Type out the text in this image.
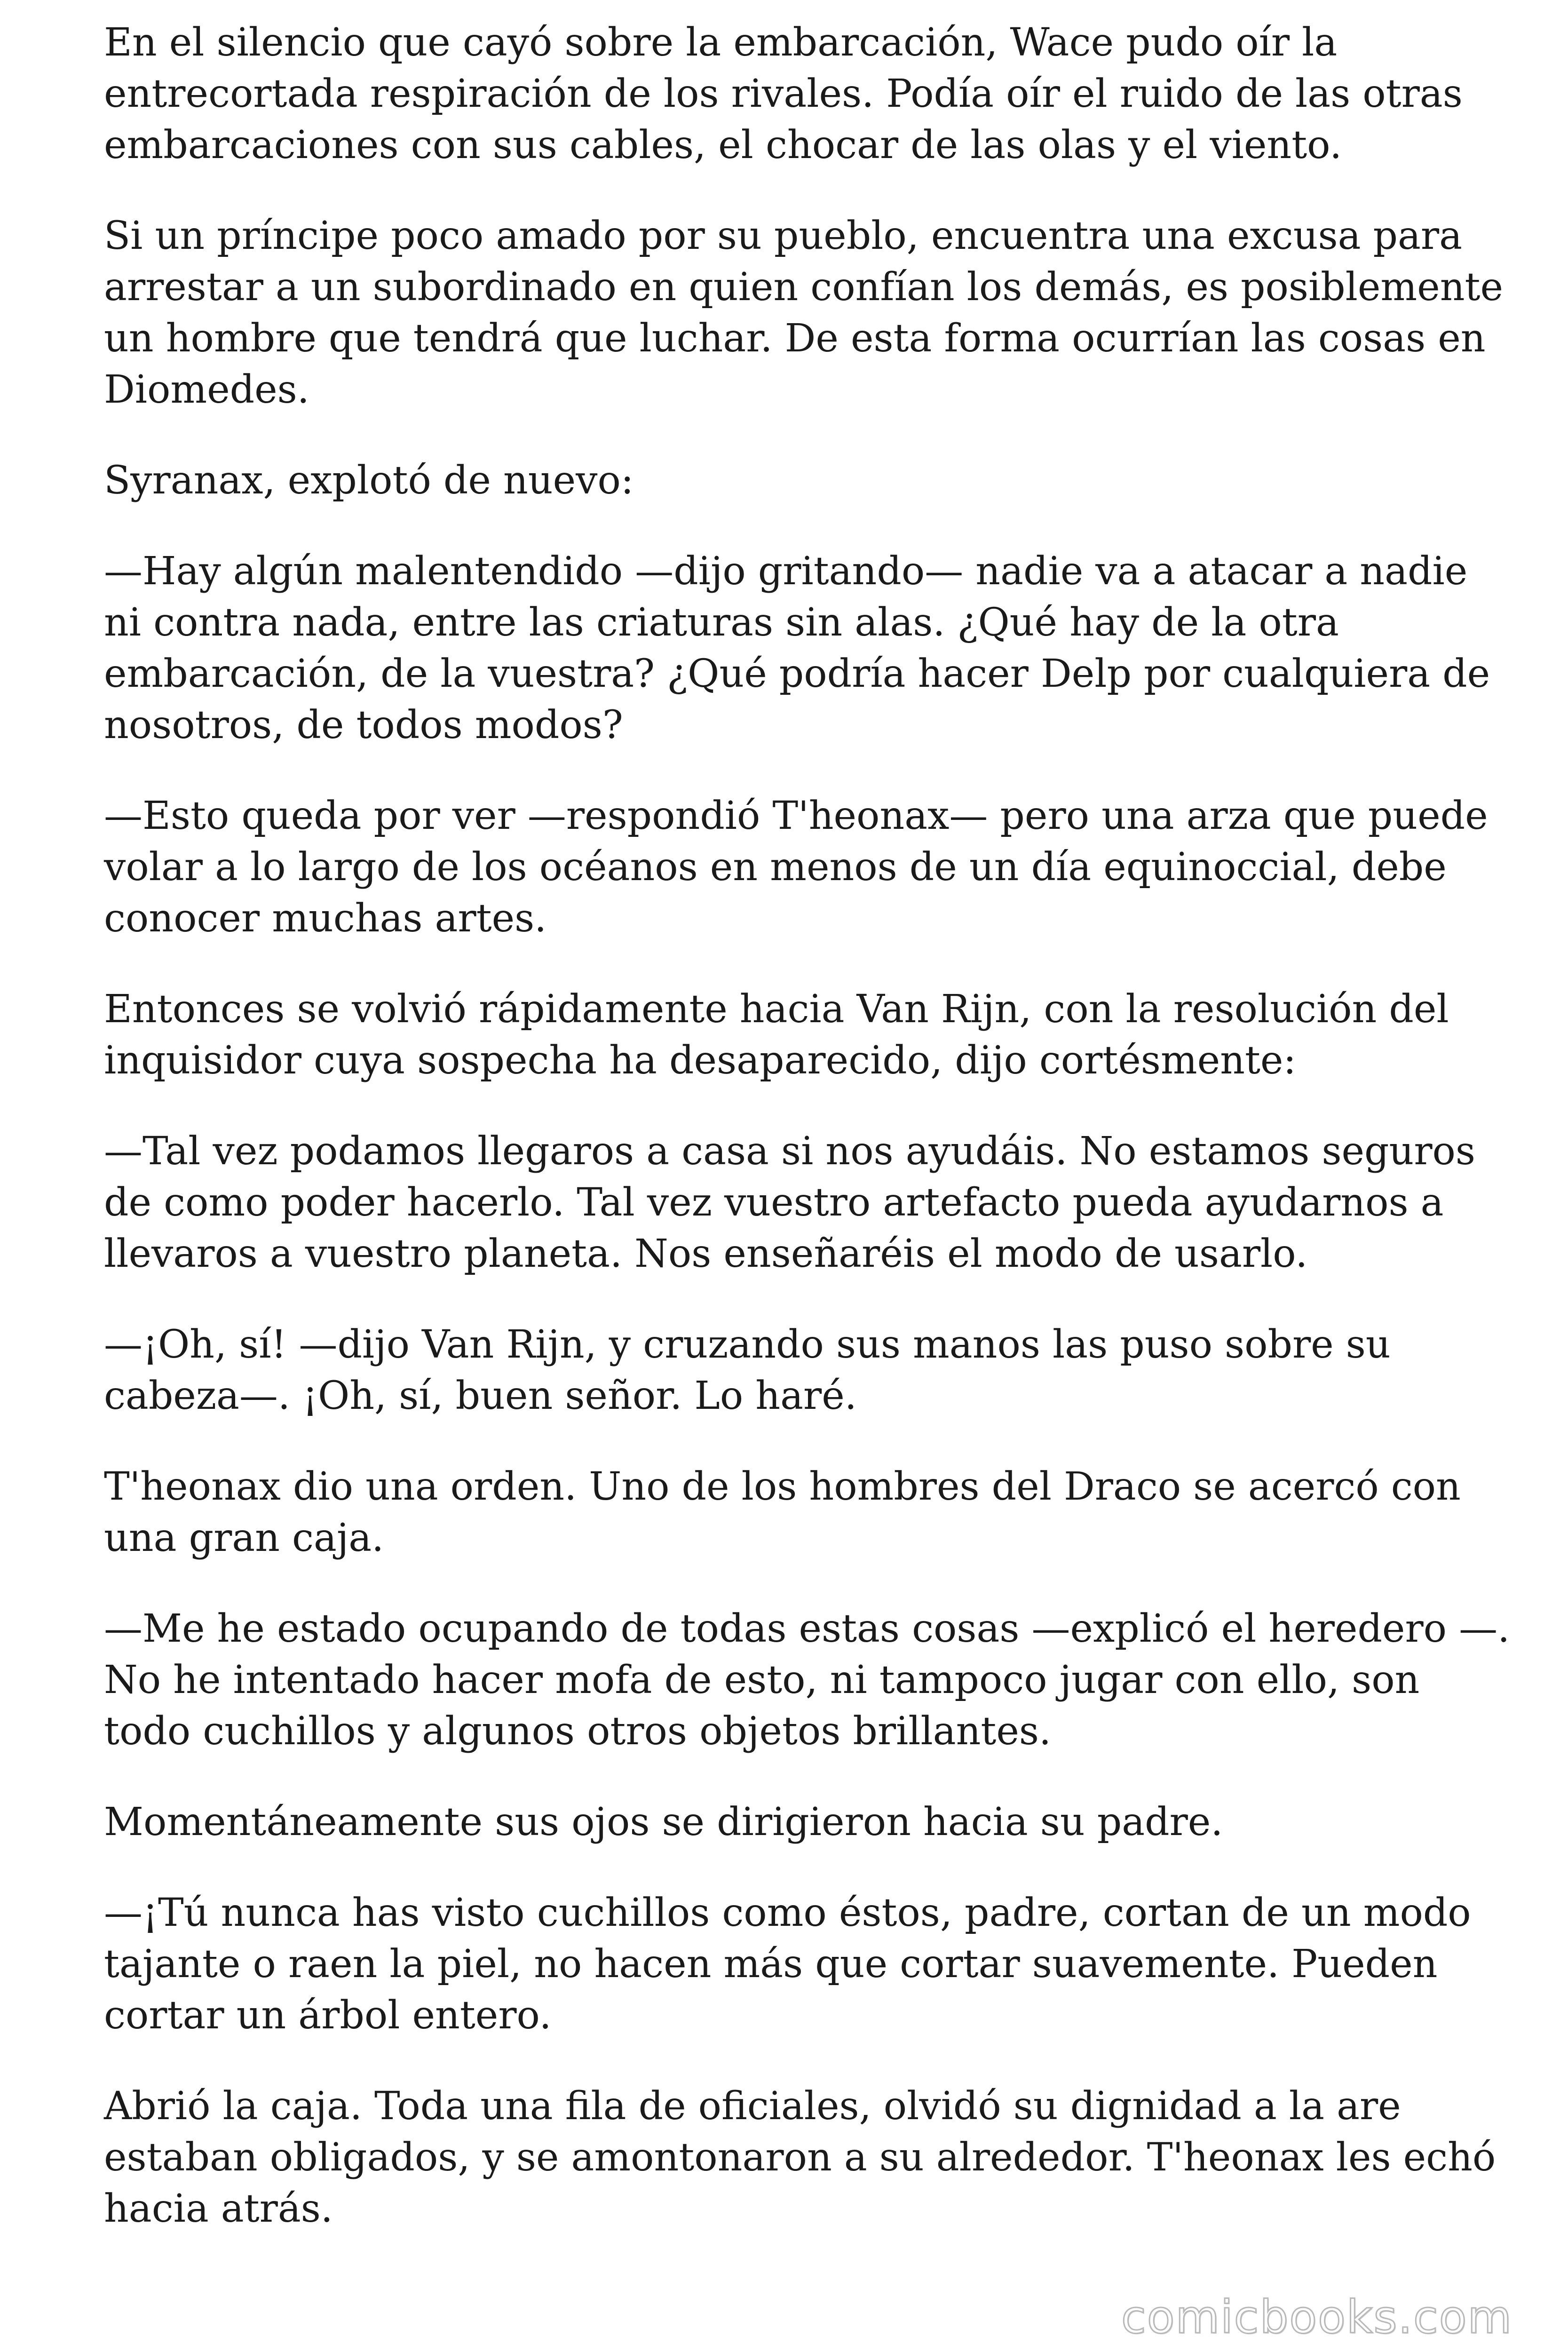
En el silencio que cayó sobre la embarcación, Wace pudo oír la entrecortada respiración de los rivales. Podía oír el ruido de las otras embarcaciones con sus cables, el chocar de las olas y el viento.

Si un príncipe poco amado por su pueblo, encuentra una excusa para arrestar a un subordinado en quien confían los demás, es posiblemente un hombre que tendrá que luchar. De esta forma ocurrían las cosas en Diomedes.

Syranax, explotó de nuevo:

—Hay algún malentendido —dijo gritando— nadie va a atacar a nadie ni contra nada, entre las criaturas sin alas. ¿Qué hay de la otra embarcación, de la vuestra? ¿Qué podría hacer Delp por cualquiera de nosotros, de todos modos?

—Esto queda por ver —respondió T'heonax— pero una arza que puede volar a lo largo de los océanos en menos de un día equinoccial, debe conocer muchas artes.

Entonces se volvió rápidamente hacia Van Rijn, con la resolución del inquisidor cuya sospecha ha desaparecido, dijo cortésmente:

—Tal vez podamos llegaros a casa si nos ayudáis. No estamos seguros de como poder hacerlo. Tal vez vuestro artefacto pueda ayudarnos a llevaros a vuestro planeta. Nos enseñaréis el modo de usarlo.

—¡Oh, sí! —dijo Van Rijn, y cruzando sus manos las puso sobre su cabeza—. ¡Oh, sí, buen señor. Lo haré.

T'heonax dio una orden. Uno de los hombres del Draco se acercó con una gran caja.

—Me he estado ocupando de todas estas cosas —explicó el heredero —. No he intentado hacer mofa de esto, ni tampoco jugar con ello, son todo cuchillos y algunos otros objetos brillantes.

Momentáneamente sus ojos se dirigieron hacia su padre.

—¡Tú nunca has visto cuchillos como éstos, padre, cortan de un modo tajante o raen la piel, no hacen más que cortar suavemente. Pueden cortar un árbol entero.

Abrió la caja. Toda una fila de oficiales, olvidó su dignidad a la are estaban obligados, y se amontonaron a su alrededor. T'heonax les echó hacia atrás.

comicbooks.com
